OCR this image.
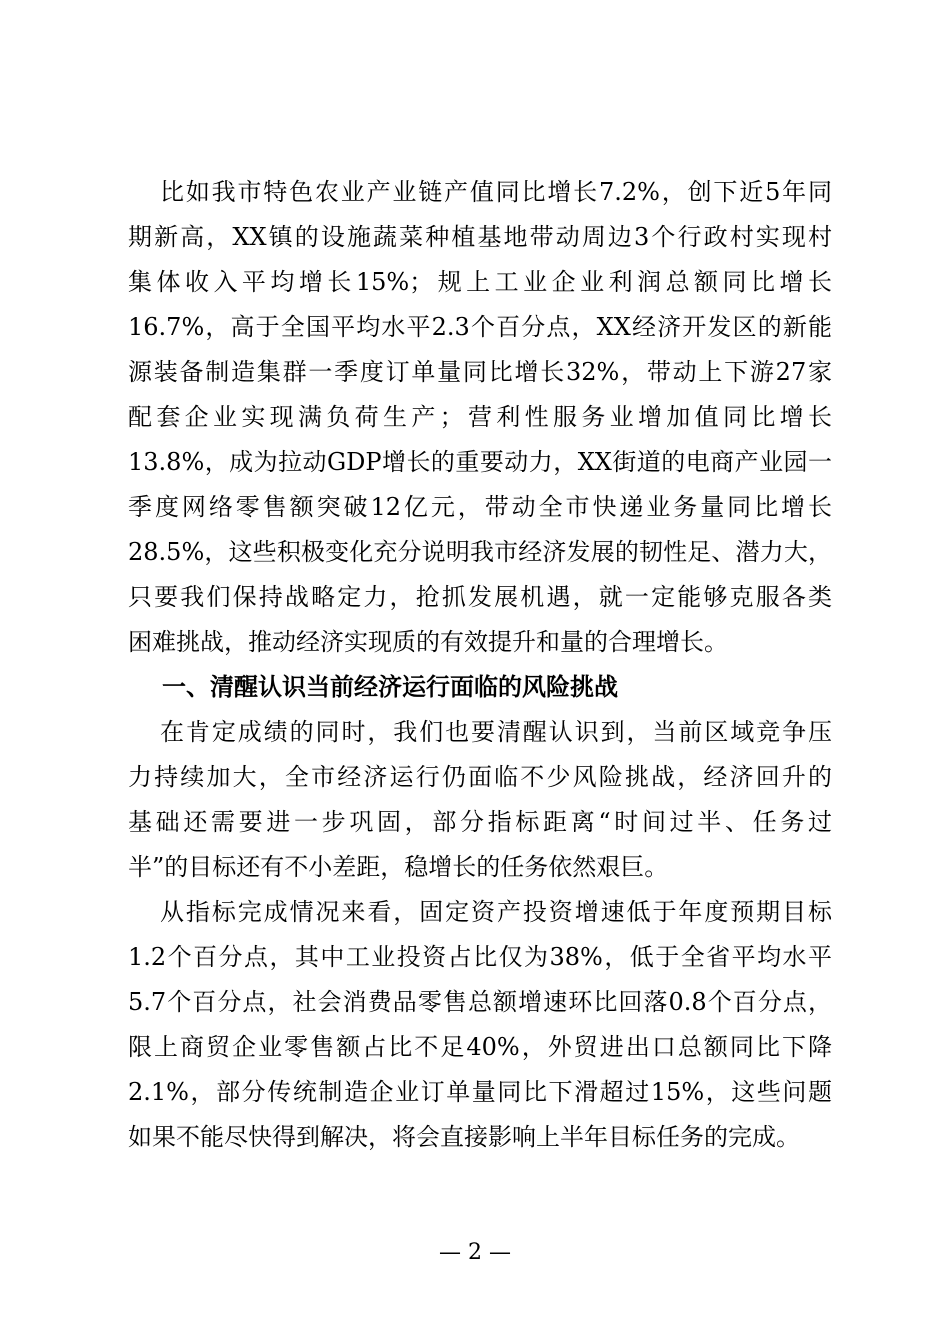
比如我市特色农业产业链产值同比增长7.2%，创下近5年同
期新高，XX镇的设施蔬菜种植基地带动周边3个行政村实现村
集体收入平均增长15%；规上工业企业利润总额同比增长
16.7%，高于全国平均水平2.3个百分点，XX经济开发区的新能
源装备制造集群一季度订单量同比增长32%，带动上下游27家
配套企业实现满负荷生产；营利性服务业增加值同比增长
13.8%，成为拉动GDP增长的重要动力，XX街道的电商产业园一
季度网络零售额突破12亿元，带动全市快递业务量同比增长
28.5%，这些积极变化充分说明我市经济发展的韧性足、潜力大，
只要我们保持战略定力，抢抓发展机遇，就一定能够克服各类
困难挑战，推动经济实现质的有效提升和量的合理增长。
一、清醒认识当前经济运行面临的风险挑战
在肯定成绩的同时，我们也要清醒认识到，当前区域竞争压
力持续加大，全市经济运行仍面临不少风险挑战，经济回升的
基础还需要进一步巩固，部分指标距离“时间过半、任务过
半”的目标还有不小差距，稳增长的任务依然艰巨。
从指标完成情况来看，固定资产投资增速低于年度预期目标
1.2个百分点，其中工业投资占比仅为38%，低于全省平均水平
5.7个百分点，社会消费品零售总额增速环比回落0.8个百分点，
限上商贸企业零售额占比不足40%，外贸进出口总额同比下降
2.1%，部分传统制造企业订单量同比下滑超过15%，这些问题
如果不能尽快得到解决，将会直接影响上半年目标任务的完成。
— 2 —
